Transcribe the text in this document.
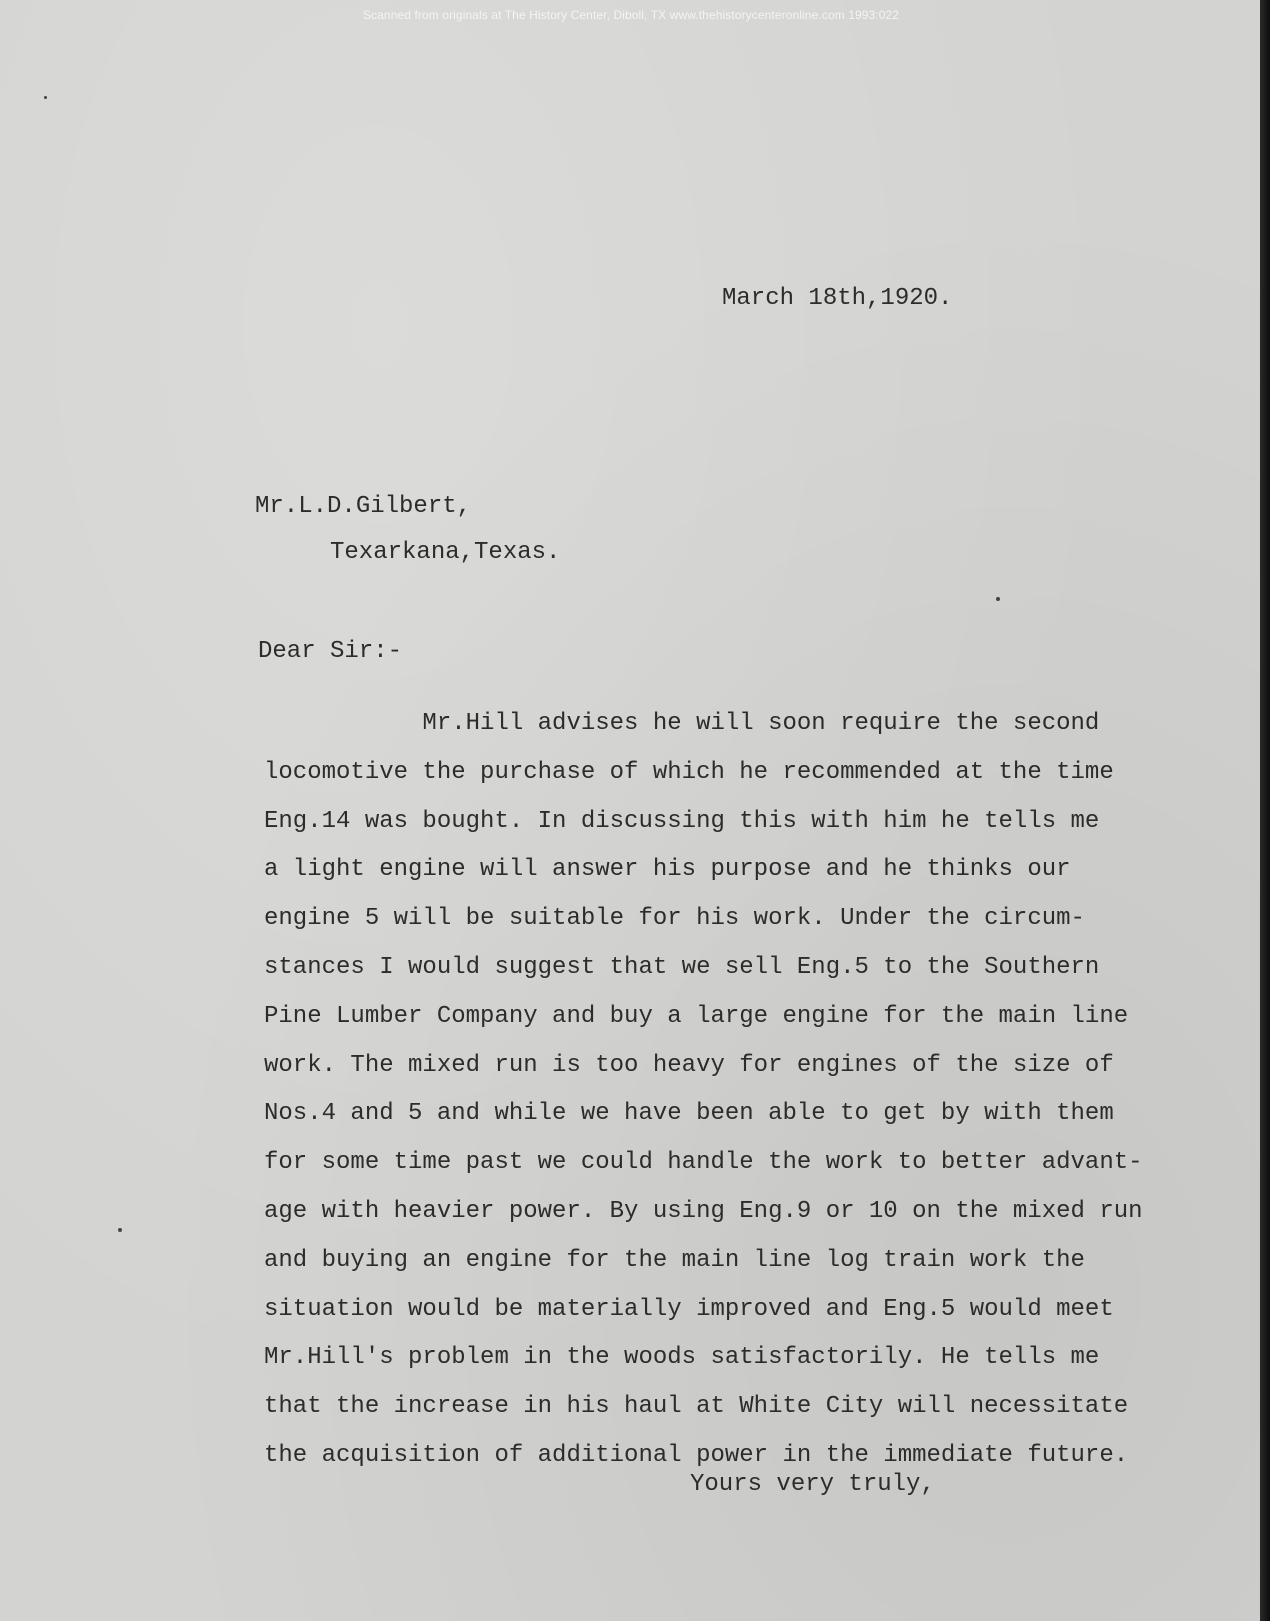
Scanned from originals at The History Center, Diboll, TX www.thehistorycenteronline.com 1993:022
March 18th,1920.
Mr.L.D.Gilbert,
Texarkana,Texas.
Dear Sir:-
Mr.Hill advises he will soon require the second
locomotive the purchase of which he recommended at the time
Eng.14 was bought. In discussing this with him he tells me
a light engine will answer his purpose and he thinks our
engine 5 will be suitable for his work. Under the circum-
stances I would suggest that we sell Eng.5 to the Southern
Pine Lumber Company and buy a large engine for the main line
work. The mixed run is too heavy for engines of the size of
Nos.4 and 5 and while we have been able to get by with them
for some time past we could handle the work to better advant-
age with heavier power. By using Eng.9 or 10 on the mixed run
and buying an engine for the main line log train work the
situation would be materially improved and Eng.5 would meet
Mr.Hill's problem in the woods satisfactorily. He tells me
that the increase in his haul at White City will necessitate
the acquisition of additional power in the immediate future.
Yours very truly,
